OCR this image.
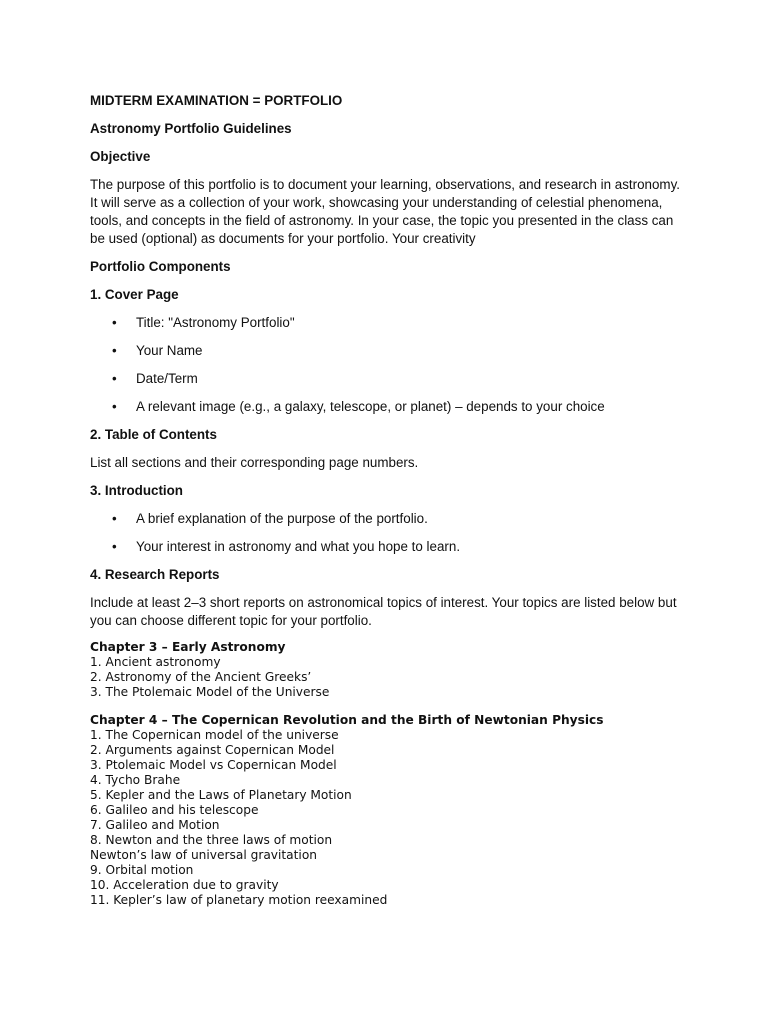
MIDTERM EXAMINATION = PORTFOLIO
Astronomy Portfolio Guidelines
Objective
The purpose of this portfolio is to document your learning, observations, and research in astronomy. It will serve as a collection of your work, showcasing your understanding of celestial phenomena, tools, and concepts in the field of astronomy. In your case, the topic you presented in the class can be used (optional) as documents for your portfolio. Your creativity
Portfolio Components
1. Cover Page
• Title: "Astronomy Portfolio"
• Your Name
• Date/Term
• A relevant image (e.g., a galaxy, telescope, or planet) – depends to your choice
2. Table of Contents
List all sections and their corresponding page numbers.
3. Introduction
• A brief explanation of the purpose of the portfolio.
• Your interest in astronomy and what you hope to learn.
4. Research Reports
Include at least 2–3 short reports on astronomical topics of interest. Your topics are listed below but you can choose different topic for your portfolio.
Chapter 3 – Early Astronomy
1. Ancient astronomy
2. Astronomy of the Ancient Greeks’
3. The Ptolemaic Model of the Universe
Chapter 4 – The Copernican Revolution and the Birth of Newtonian Physics
1. The Copernican model of the universe
2. Arguments against Copernican Model
3. Ptolemaic Model vs Copernican Model
4. Tycho Brahe
5. Kepler and the Laws of Planetary Motion
6. Galileo and his telescope
7. Galileo and Motion
8. Newton and the three laws of motion
Newton’s law of universal gravitation
9. Orbital motion
10. Acceleration due to gravity
11. Kepler’s law of planetary motion reexamined
